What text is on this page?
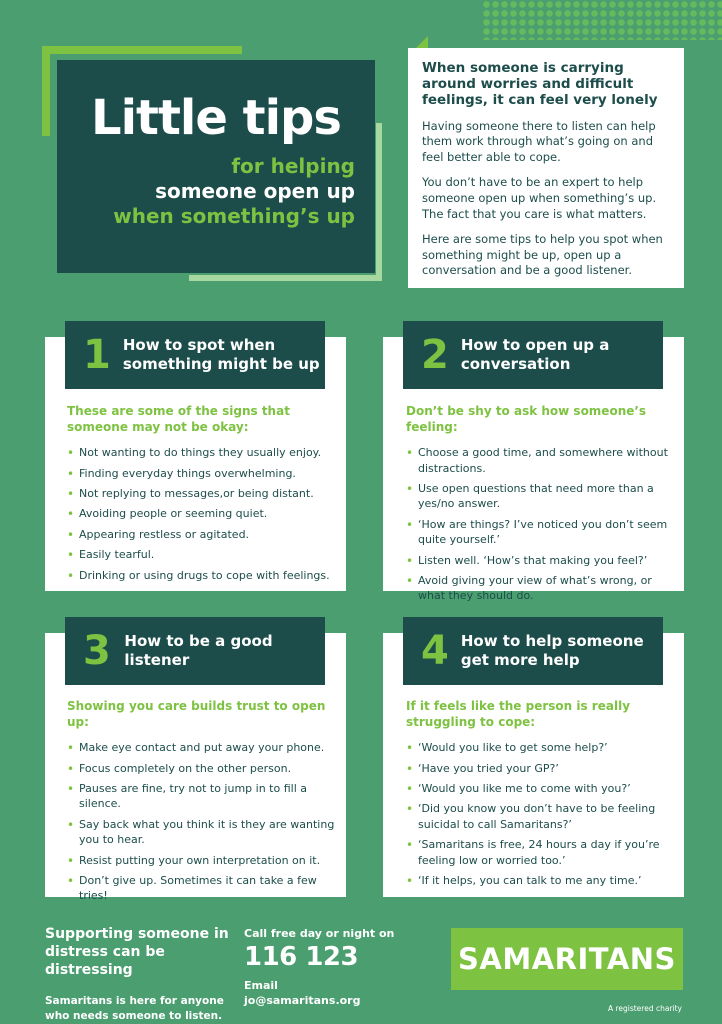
Little tips
for helping
someone open up
when something’s up
When someone is carrying around worries and difficult feelings, it can feel very lonely

Having someone there to listen can help them work through what’s going on and feel better able to cope.

You don’t have to be an expert to help someone open up when something’s up. The fact that you care is what matters.

Here are some tips to help you spot when something might be up, open up a conversation and be a good listener.

1 How to spot when something might be up
These are some of the signs that someone may not be okay:
• Not wanting to do things they usually enjoy.
• Finding everyday things overwhelming.
• Not replying to messages,or being distant.
• Avoiding people or seeming quiet.
• Appearing restless or agitated.
• Easily tearful.
• Drinking or using drugs to cope with feelings.
2 How to open up a conversation
Don’t be shy to ask how someone’s feeling:
• Choose a good time, and somewhere without distractions.
• Use open questions that need more than a yes/no answer.
• ‘How are things? I’ve noticed you don’t seem quite yourself.’
• Listen well. ‘How’s that making you feel?’
• Avoid giving your view of what’s wrong, or what they should do.
3 How to be a good listener
Showing you care builds trust to open up:
• Make eye contact and put away your phone.
• Focus completely on the other person.
• Pauses are fine, try not to jump in to fill a silence.
• Say back what you think it is they are wanting you to hear.
• Resist putting your own interpretation on it.
• Don’t give up. Sometimes it can take a few tries!
4 How to help someone get more help
If it feels like the person is really struggling to cope:
• ‘Would you like to get some help?’
• ‘Have you tried your GP?’
• ‘Would you like me to come with you?’
• ‘Did you know you don’t have to be feeling suicidal to call Samaritans?’
• ‘Samaritans is free, 24 hours a day if you’re feeling low or worried too.’
• ‘If it helps, you can talk to me any time.’
Supporting someone in distress can be distressing
Samaritans is here for anyone who needs someone to listen.
Call free day or night on
116 123
Email
jo@samaritans.org
SAMARITANS
A registered charity
